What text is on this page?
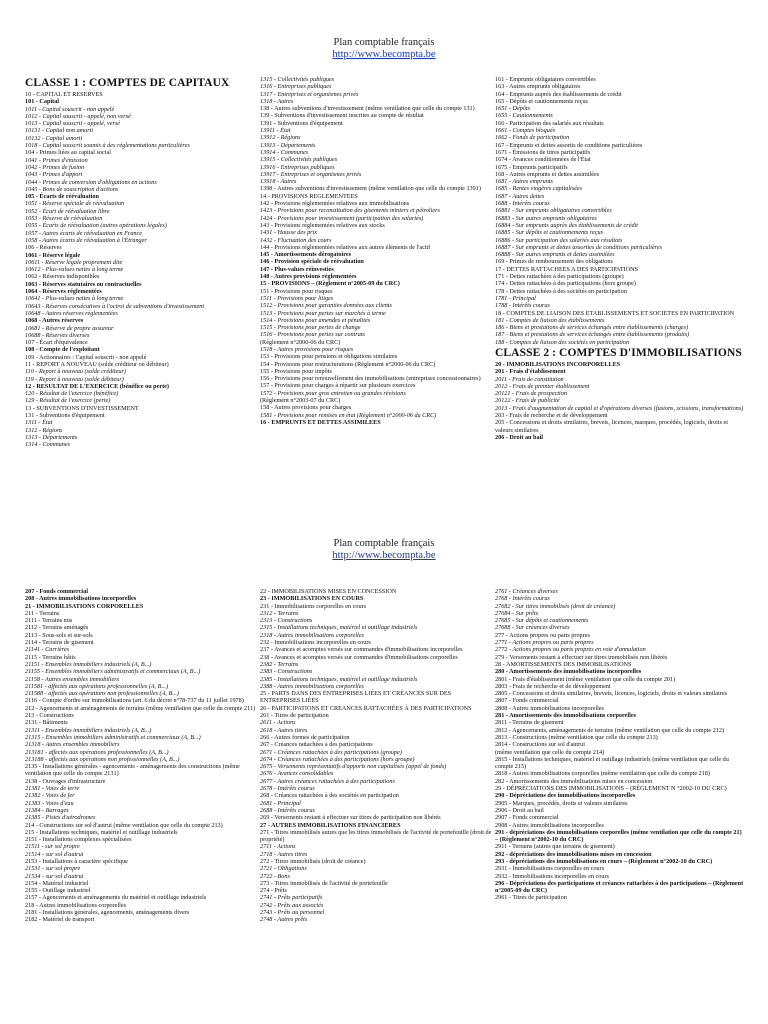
Plan comptable français
http://www.becompta.be
CLASSE 1 : COMPTES DE CAPITAUX
10 - CAPITAL ET RESERVES
101 - Capital
1011 - Capital souscrit - non appelé
1012 - Capital souscrit - appelé, non versé
1013 - Capital souscrit - appelé, versé
10131 - Capital non amorti
10132 - Capital amorti
1018 - Capital souscrit soumis à des réglementations particulières
104 - Primes liées au capital social
1041 - Primes d'émission
1042 - Primes de fusion
1043 - Primes d'apport
1044 - Primes de conversion d'obligations en actions
1045 - Bons de souscription d'actions
105 - Écarts de réévaluation
1051 - Réserve spéciale de réévaluation
1052 - Écart de réévaluation libre
1053 - Réserve de réévaluation
1055 - Écarts de réévaluation (autres opérations légales)
1057 - Autres écarts de réévaluation en France
1058 - Autres écarts de réévaluation à l'Étranger
106 - Réserves
1061 - Réserve légale
10611 - Réserve légale proprement dite
10612 - Plus-values nettes à long terme
1062 - Réserves indisponibles
1063 - Réserves statutaires ou contractuelles
1064 - Réserves réglementées
10641 - Plus-values nettes à long terme
10643 - Réserves consécutives à l'octroi de subventions d'investissement
10648 - Autres réserves réglementées
1068 - Autres réserves
10681 - Réserve de propre assureur
10688 - Réserves diverses
107 - Écart d'équivalence
108 - Compte de l'exploitant
109 - Actionnaires : Capital souscrit - non appelé
11 - REPORT A NOUVEAU (solde créditeur ou débiteur)
110 - Report à nouveau (solde créditeur)
119 - Report à nouveau (solde débiteur)
12 - RESULTAT DE L'EXERCICE (bénéfice ou perte)
120 - Résultat de l'exercice (bénéfice)
129 - Résultat de l'exercice (perte)
13 - SUBVENTIONS D'INVESTISSEMENT
131 - Subventions d'équipement
1311 - État
1312 - Régions
1313 - Départements
1314 - Communes
1315 - Collectivités publiques
1316 - Entreprises publiques
1317 - Entreprises et organismes privés
1318 - Autres
138 - Autres subventions d'investissement (même ventilation que celle du compte 131)
139 - Subventions d'investissement inscrites au compte de résultat
1391 - Subventions d'équipement
13911 - État
13912 - Régions
13913 - Départements
13914 - Communes
13915 - Collectivités publiques
13916 - Entreprises publiques
13917 - Entreprises et organismes privés
13918 - Autres
1398 - Autres subventions d'investissement (même ventilation que celle du compte 1391)
14 - PROVISIONS REGLEMENTEES
142 - Provisions réglementées relatives aux immobilisations
1423 - Provisions pour reconstitution des gisements miniers et pétroliers
1424 - Provisions pour investissement (participation des salariés)
143 - Provisions réglementées relatives aux stocks
1431 - Hausse des prix
1432 - Fluctuation des cours
144 - Provisions réglementées relatives aux autres éléments de l'actif
145 - Amortissements dérogatoires
146 - Provision spéciale de réévaluation
147 - Plus-values réinvesties
148 - Autres provisions réglementées
15 - PROVISIONS – (Règlement n°2005-09 du CRC)
151 - Provisions pour risques
1511 - Provisions pour litiges
1512 - Provisions pour garanties données aux clients
1513 - Provisions pour pertes sur marchés à terme
1514 - Provisions pour amendes et pénalités
1515 - Provisions pour pertes de change
1516 - Provisions pour pertes sur contrats
(Règlement n°2000-06 du CRC)
1518 - Autres provisions pour risques
153 - Provisions pour pensions et obligations similaires
154 - Provisions pour restructurations (Règlement n°2000-06 du CRC)
155 - Provisions pour impôts
156 - Provisions pour renouvellement des immobilisations (entreprises concessionnaires)
157 - Provisions pour charges à répartir sur plusieurs exercices
1572 - Provisions pour gros entretien ou grandes révisions
(Règlement n°2003-07 du CRC)
158 - Autres provisions pour charges
1581 - Provisions pour remises en état (Règlement n°2000-06 du CRC)
16 - EMPRUNTS ET DETTES ASSIMILEES
161 - Emprunts obligataires convertibles
163 - Autres emprunts obligataires
164 - Emprunts auprès des établissements de crédit
165 - Dépôts et cautionnements reçus
1651 - Dépôts
1655 - Cautionnements
166 - Participation des salariés aux résultats
1661 - Comptes bloqués
1662 - Fonds de participation
167 - Emprunts et dettes assortis de conditions particulières
1671 - Émissions de titres participatifs
1674 - Avances conditionnées de l'État
1675 - Emprunts participatifs
168 - Autres emprunts et dettes assimilées
1681 - Autres emprunts
1685 - Rentes viagères capitalisées
1687 - Autres dettes
1688 - Intérêts courus
16881 - Sur emprunts obligataires convertibles
16883 - Sur autres emprunts obligataires
16884 - Sur emprunts auprès des établissements de crédit
16885 - Sur dépôts et cautionnements reçus
16886 - Sur participation des salariés aux résultats
16887 - Sur emprunts et dettes assorties de conditions particulières
16888 - Sur autres emprunts et dettes assimilées
169 - Primes de remboursement des obligations
17 - DETTES RATTACHEES A DES PARTICIPATIONS
171 - Dettes rattachées à des participations (groupe)
174 - Dettes rattachées à des participations (hors groupe)
178 - Dettes rattachées à des sociétés en participation
1781 - Principal
1788 - Intérêts courus
18 - COMPTES DE LIAISON DES ETABLISSEMENTS ET SOCIETES EN PARTICIPATION
181 - Comptes de liaison des établissements
186 - Biens et prestations de services échangés entre établissements (charges)
187 - Biens et prestations de services échangés entre établissements (produits)
188 - Comptes de liaison des sociétés en participation
CLASSE 2 : COMPTES D'IMMOBILISATIONS
20 - IMMOBILISATIONS INCORPORELLES
201 - Frais d'établissement
2011 - Frais de constitution
2012 - Frais de premier établissement
20121 - Frais de prospection
20122 - Frais de publicité
2013 - Frais d'augmentation de capital et d'opérations diverses (fusions, scissions, transformations)
203 - Frais de recherche et de développement
205 - Concessions et droits similaires, brevets, licences, marques, procédés, logiciels, droits et valeurs similaires
206 - Droit au bail
Plan comptable français
http://www.becompta.be
207 - Fonds commercial
208 - Autres immobilisations incorporelles
21 - IMMOBILISATIONS CORPORELLES
211 - Terrains
2111 - Terrains nus
2112 - Terrains aménagés
2113 - Sous-sols et sur-sols
2114 - Terrains de gisement
21141 - Carrières
2115 - Terrains bâtis
21151 - Ensembles immobiliers industriels (A, B...)
21155 - Ensembles immobiliers administratifs et commerciaux (A, B...)
21158 - Autres ensembles immobiliers
211581 - affectés aux opérations professionnelles (A, B...)
211588 - affectés aux opérations non professionnelles (A, B...)
2116 - Compte d'ordre sur immobilisations (art. 6 du décret n°78-737 du 11 juillet 1978)
212 - Agencements et aménagements de terrains (même ventilation que celle du compte 211)
213 - Constructions
2131 - Bâtiments
21311 - Ensembles immobiliers industriels (A, B...)
21315 - Ensembles immobiliers administratifs et commerciaux (A, B...)
21318 - Autres ensembles immobiliers
213181 - affectés aux opérations professionnelles (A, B...)
213188 - affectés aux opérations non professionnelles (A, B...)
2135 - Installations générales - agencements - aménagements des constructions (même ventilation que celle du compte 2131)
2138 - Ouvrages d'infrastructure
21381 - Voies de terre
21382 - Voies de fer
21383 - Voies d'eau
21384 - Barrages
21385 - Pistes d'aérodromes
214 - Constructions sur sol d'autrui (même ventilation que celle du compte 213)
215 - Installations techniques, matériel et outillage industriels
2151 - Installations complexes spécialisées
21511 - sur sol propre
21514 - sur sol d'autrui
2153 - Installations à caractère spécifique
21531 - sur sol propre
21534 - sur sol d'autrui
2154 - Matériel industriel
2155 - Outillage industriel
2157 - Agencements et aménagements du matériel et outillage industriels
218 - Autres immobilisations corporelles
2181 - Installations générales, agencements, aménagements divers
2182 - Matériel de transport
22 - IMMOBILISATIONS MISES EN CONCESSION
23 - IMMOBILISATIONS EN COURS
231 - Immobilisations corporelles en cours
2312 - Terrains
2313 - Constructions
2315 - Installations techniques, matériel et outillage industriels
2318 - Autres immobilisations corporelles
232 - Immobilisations incorporelles en cours
237 - Avances et acomptes versés sur commandes d'immobilisations incorporelles
238 - Avances et acomptes versés sur commandes d'immobilisations corporelles
2382 - Terrains
2383 - Constructions
2385 - Installations techniques, matériel et outillage industriels
2388 - Autres immobilisations corporelles
25 - PARTS DANS DES ENTREPRISES LIÉES ET CRÉANCES SUR DES ENTREPRISES LIÉES
26 - PARTICIPATIONS ET CREANCES RATTACHÉES À DES PARTICIPATIONS
261 - Titres de participation
2611 - Actions
2618 - Autres titres
266 - Autres formes de participation
267 - Créances rattachées à des participations
2671 - Créances rattachées à des participations (groupe)
2674 - Créances rattachées à des participations (hors groupe)
2675 - Versements représentatifs d'apports non capitalisés (appel de fonds)
2676 - Avances consolidables
2677 - Autres créances rattachées à des participations
2678 - Intérêts courus
268 - Créances rattachées à des sociétés en participation
2681 - Principal
2688 - Intérêts courus
269 - Versements restant à effectuer sur titres de participation non libérés
27 - AUTRES IMMOBILISATIONS FINANCIERES
271 - Titres immobilisés autres que les titres immobilisés de l'activité de portefeuille (droit de propriété)
2711 - Actions
2718 - Autres titres
272 - Titres immobilisés (droit de créance)
2721 - Obligations
2722 - Bons
273 - Titres immobilisés de l'activité de portefeuille
274 - Prêts
2741 - Prêts participatifs
2742 - Prêts aux associés
2743 - Prêts au personnel
2748 - Autres prêts
2761 - Créances diverses
2768 - Intérêts courus
27682 - Sur titres immobilisés (droit de créance)
27684 - Sur prêts
27685 - Sur dépôts et cautionnements
27688 - Sur créances diverses
277 - Actions propres ou parts propres
2771 - Actions propres ou parts propres
2772 - Actions propres ou parts propres en voie d'annulation
279 - Versements restant à effectuer sur titres immobilisés non libérés
28 - AMORTISSEMENTS DES IMMOBILISATIONS
280 - Amortissements des immobilisations incorporelles
2801 - Frais d'établissement (même ventilation que celle du compte 201)
2803 - Frais de recherche et de développement
2805 - Concessions et droits similaires, brevets, licences, logiciels, droits et valeurs similaires
2807 - Fonds commercial
2808 - Autres immobilisations incorporelles
281 - Amortissements des immobilisations corporelles
2811 - Terrains de gisement
2812 - Agencements, aménagements de terrains (même ventilation que celle du compte 212)
2813 - Constructions (même ventilation que celle du compte 213)
2814 - Constructions sur sol d'autrui
(même ventilation que celle du compte 214)
2815 - Installations techniques, matériel et outillage industriels (même ventilation que celle du compte 215)
2818 - Autres immobilisations corporelles (même ventilation que celle du compte 218)
282 - Amortissements des immobilisations mises en concession
29 - DÉPRÉCIATIONS DES IMMOBILISATIONS – (RÈGLEMENT N °2002-10 DU CRC)
290 - Dépréciations des immobilisations incorporelles
2905 - Marques, procédés, droits et valeurs similaires
2906 - Droit au bail
2907 - Fonds commercial
2908 - Autres immobilisations incorporelles
291 - dépréciations des immobilisations corporelles (même ventilation que celle du compte 21) – (Règlement n°2002-10 du CRC)
2911 - Terrains (autres que terrains de gisement)
292 - dépréciations des immobilisations mises en concession
293 - dépréciations des immobilisations en cours – (Règlement n°2002-10 du CRC)
2931 - Immobilisations corporelles en cours
2932 - Immobilisations incorporelles en cours
296 - Dépréciations des participations et créances rattachées à des participations – (Règlement n°2005-09 du CRC)
2961 - Titres de participation
